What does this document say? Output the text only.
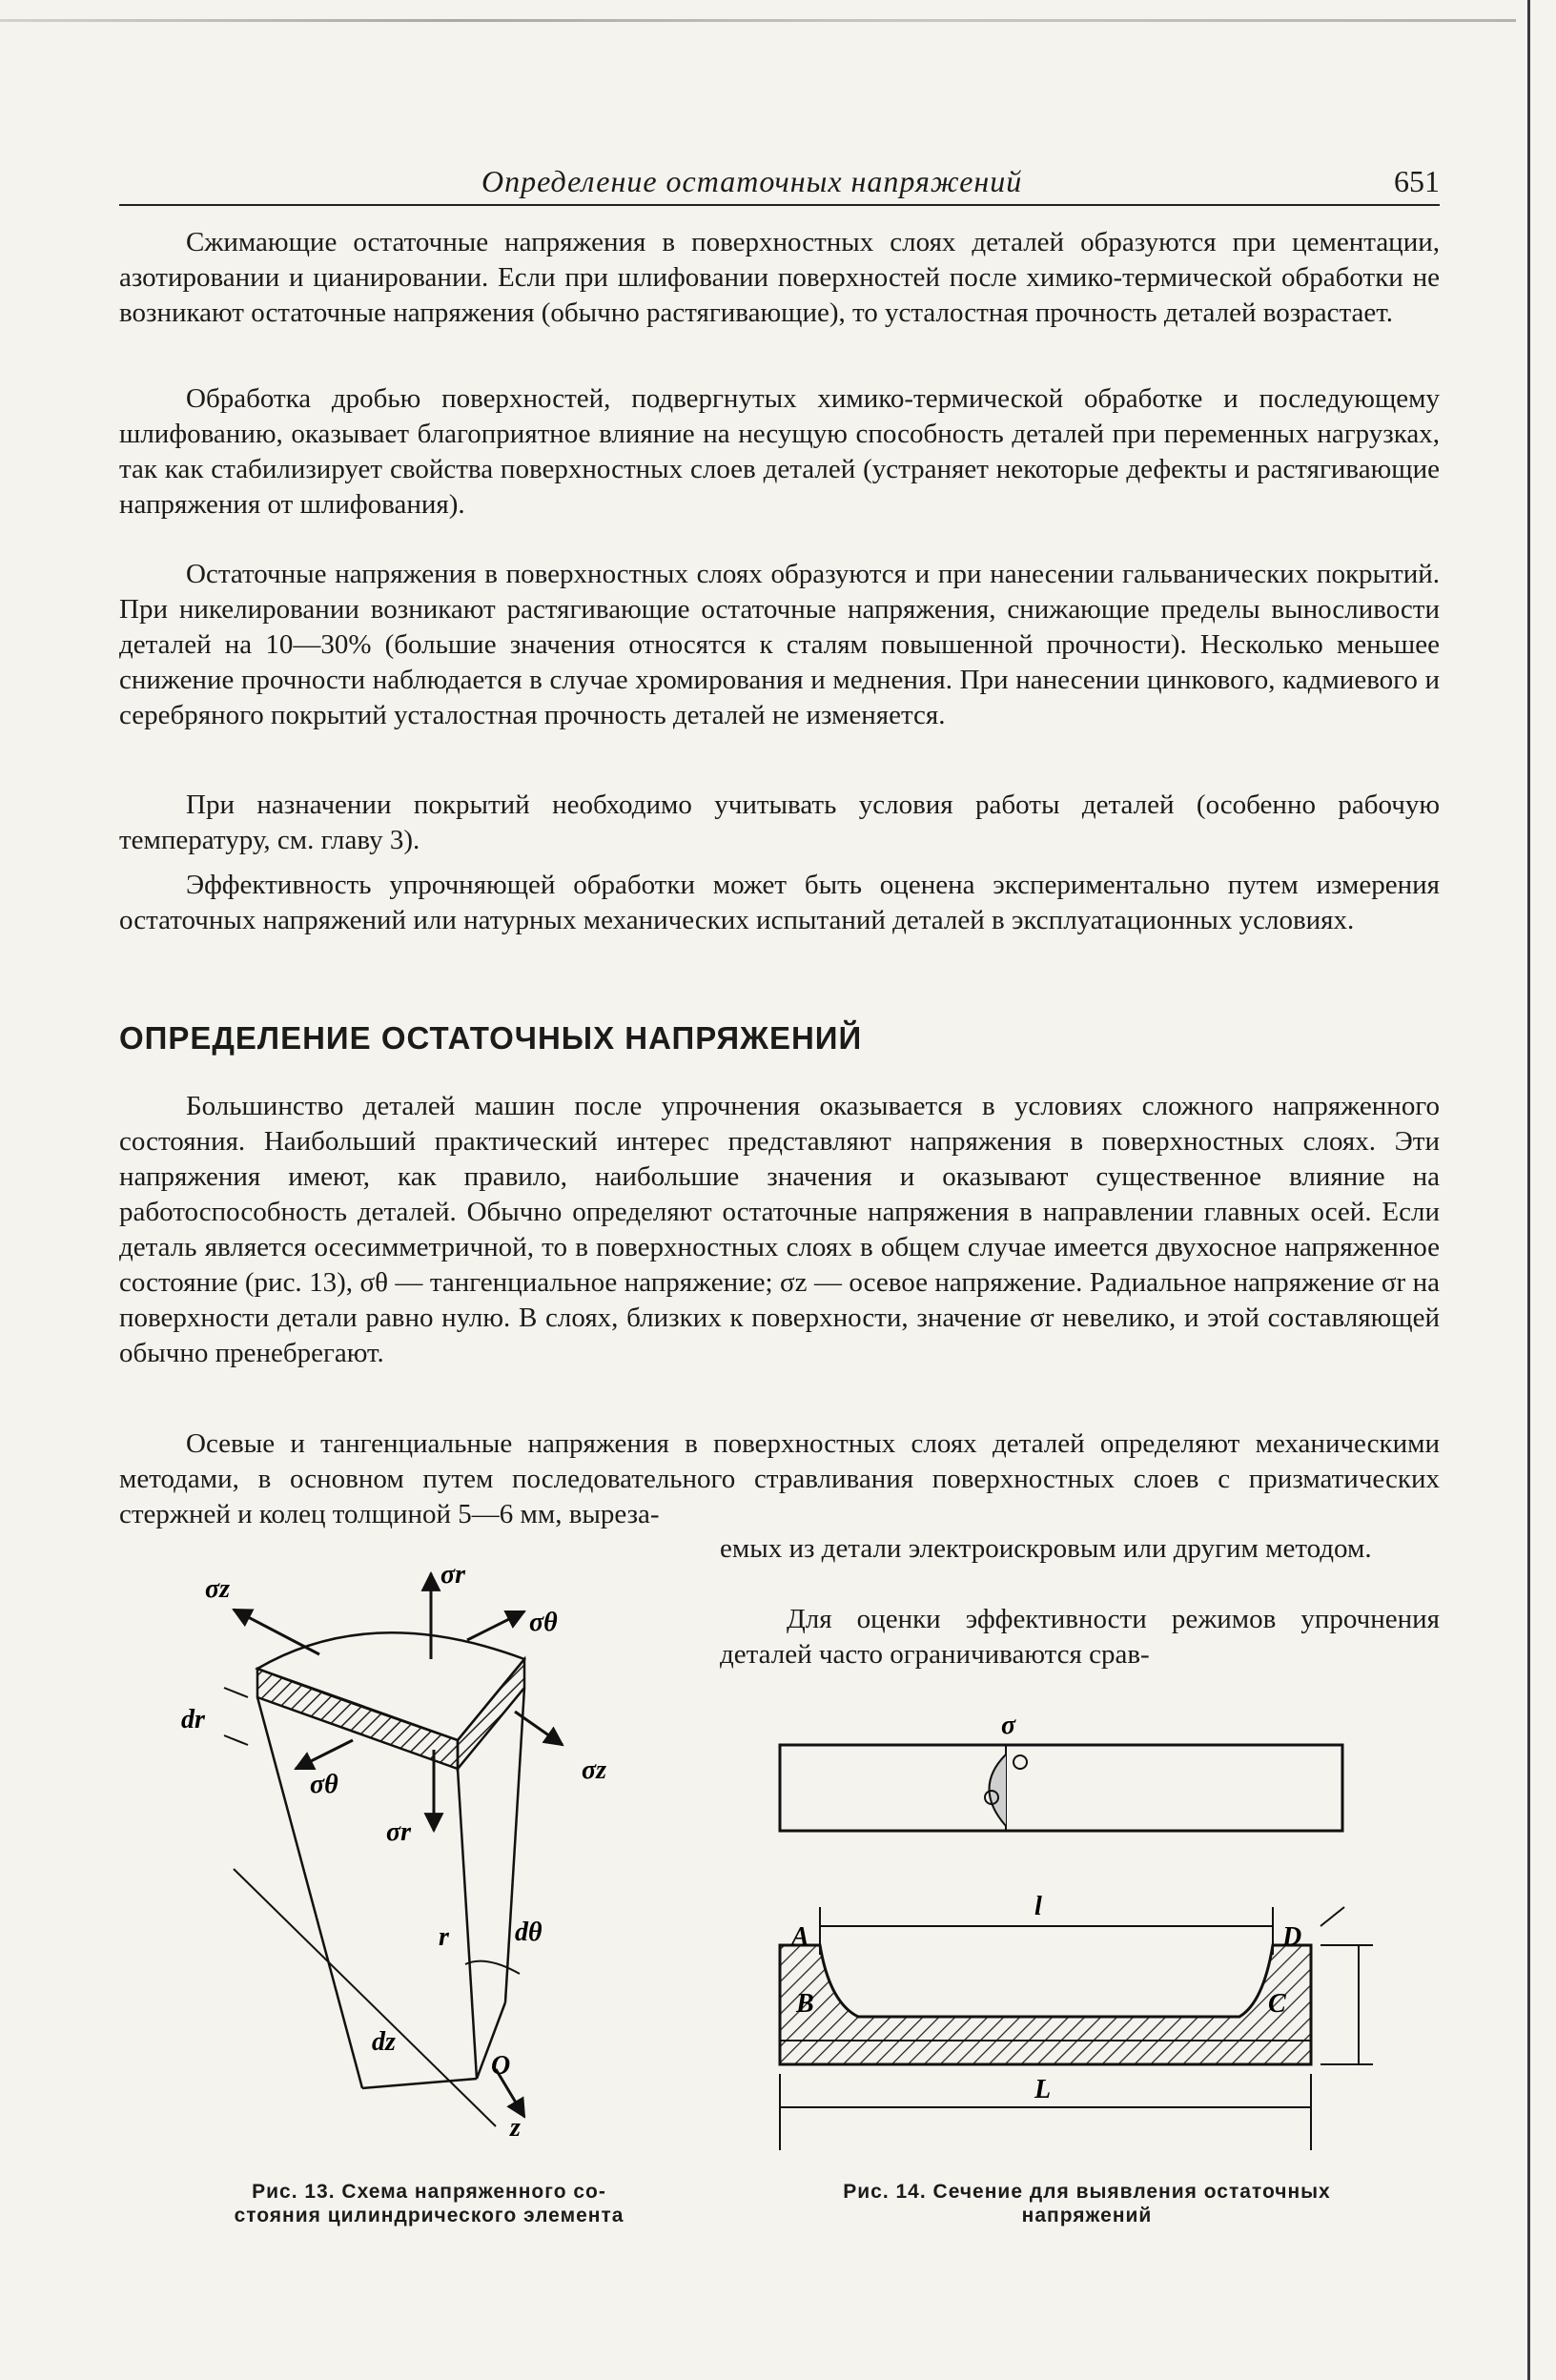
Определение остаточных напряжений	651

Сжимающие остаточные напряжения в поверхностных слоях деталей образуются при цементации, азотировании и цианировании. Если при шлифовании поверхностей после химико-термической обработки не возникают остаточные напряжения (обычно растягивающие), то усталостная прочность деталей возрастает.

Обработка дробью поверхностей, подвергнутых химико-термической обработке и последующему шлифованию, оказывает благоприятное влияние на несущую способность деталей при переменных нагрузках, так как стабилизирует свойства поверхностных слоев деталей (устраняет некоторые дефекты и растягивающие напряжения от шлифования).

Остаточные напряжения в поверхностных слоях образуются и при нанесении гальванических покрытий. При никелировании возникают растягивающие остаточные напряжения, снижающие пределы выносливости деталей на 10—30% (большие значения относятся к сталям повышенной прочности). Несколько меньшее снижение прочности наблюдается в случае хромирования и меднения. При нанесении цинкового, кадмиевого и серебряного покрытий усталостная прочность деталей не изменяется.

При назначении покрытий необходимо учитывать условия работы деталей (особенно рабочую температуру, см. главу 3).

Эффективность упрочняющей обработки может быть оценена экспериментально путем измерения остаточных напряжений или натурных механических испытаний деталей в эксплуатационных условиях.

ОПРЕДЕЛЕНИЕ ОСТАТОЧНЫХ НАПРЯЖЕНИЙ

Большинство деталей машин после упрочнения оказывается в условиях сложного напряженного состояния. Наибольший практический интерес представляют напряжения в поверхностных слоях. Эти напряжения имеют, как правило, наибольшие значения и оказывают существенное влияние на работоспособность деталей. Обычно определяют остаточные напряжения в направлении главных осей. Если деталь является осесимметричной, то в поверхностных слоях в общем случае имеется двухосное напряженное состояние (рис. 13), σθ — тангенциальное напряжение; σz — осевое напряжение. Радиальное напряжение σr на поверхности детали равно нулю. В слоях, близких к поверхности, значение σr невелико, и этой составляющей обычно пренебрегают.

Осевые и тангенциальные напряжения в поверхностных слоях деталей определяют механическими методами, в основном путем последовательного стравливания поверхностных слоев с призматических стержней и колец толщиной 5—6 мм, выреза-

емых из детали электроискровым или другим методом.

Для оценки эффективности режимов упрочнения деталей часто ограничиваются срав-

σz	σr
σθ
dr
σθ
σr
σz
r dθ
dz
O
z
σ
l
L
A	D
B	C
Рис. 13. Схема напряженного со-
стояния цилиндрического элемента
Рис. 14. Сечение для выявления остаточных
напряжений
